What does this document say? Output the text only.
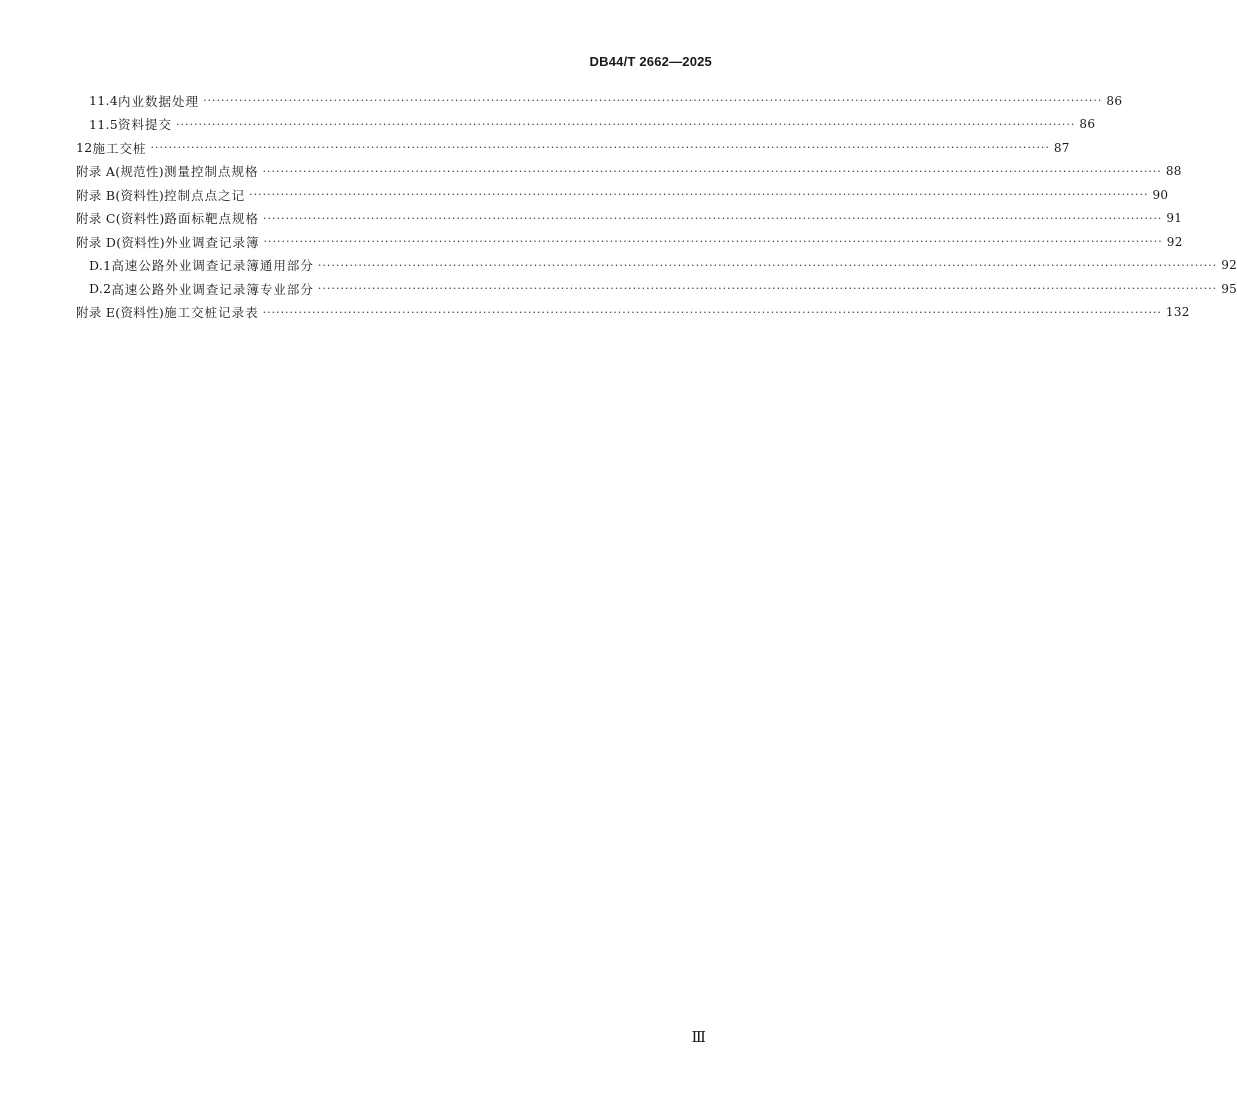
DB44/T 2662—2025
11.4 内业数据处理 ········································································································································································································ 86
11.5 资料提交 ········································································································································································································ 86
12 施工交桩 ········································································································································································································ 87
附录 A(规范性) 测量控制点规格 ········································································································································································································ 88
附录 B(资料性) 控制点点之记 ········································································································································································································ 90
附录 C(资料性) 路面标靶点规格 ········································································································································································································ 91
附录 D(资料性) 外业调查记录簿 ········································································································································································································ 92
D.1 高速公路外业调查记录簿通用部分 ········································································································································································································ 92
D.2 高速公路外业调查记录簿专业部分 ········································································································································································································ 95
附录 E(资料性) 施工交桩记录表 ········································································································································································································ 132
Ⅲ
